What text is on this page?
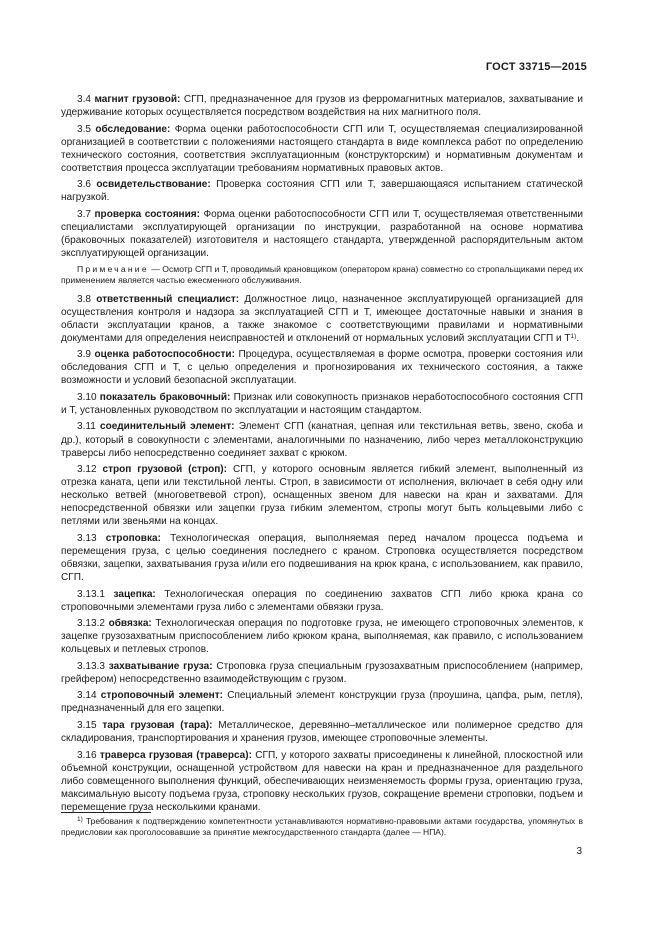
ГОСТ 33715—2015

3.4 магнит грузовой: СГП, предназначенное для грузов из ферромагнитных материалов, захватывание и удерживание которых осуществляется посредством воздействия на них магнитного поля.

3.5 обследование: Форма оценки работоспособности СГП или Т, осуществляемая специализированной организацией в соответствии с положениями настоящего стандарта в виде комплекса работ по определению технического состояния, соответствия эксплуатационным (конструкторским) и нормативным документам и соответствия процесса эксплуатации требованиям нормативных правовых актов.

3.6 освидетельствование: Проверка состояния СГП или Т, завершающаяся испытанием статической нагрузкой.

3.7 проверка состояния: Форма оценки работоспособности СГП или Т, осуществляемая ответственными специалистами эксплуатирующей организации по инструкции, разработанной на основе норматива (браковочных показателей) изготовителя и настоящего стандарта, утвержденной распорядительным актом эксплуатирующей организации.

Примечание — Осмотр СГП и Т, проводимый крановщиком (оператором крана) совместно со стропальщиками перед их применением является частью ежесменного обслуживания.

3.8 ответственный специалист: Должностное лицо, назначенное эксплуатирующей организацией для осуществления контроля и надзора за эксплуатацией СГП и Т, имеющее достаточные навыки и знания в области эксплуатации кранов, а также знакомое с соответствующими правилами и нормативными документами для определения неисправностей и отклонений от нормальных условий эксплуатации СГП и $Т^{1)}$.

3.9 оценка работоспособности: Процедура, осуществляемая в форме осмотра, проверки состояния или обследования СГП и Т, с целью определения и прогнозирования их технического состояния, а также возможности и условий безопасной эксплуатации.

3.10 показатель браковочный: Признак или совокупность признаков неработоспособного состояния СГП и Т, установленных руководством по эксплуатации и настоящим стандартом.

3.11 соединительный элемент: Элемент СГП (канатная, цепная или текстильная ветвь, звено, скоба и др.), который в совокупности с элементами, аналогичными по назначению, либо через металлоконструкцию траверсы либо непосредственно соединяет захват с крюком.

3.12 строп грузовой (строп): СГП, у которого основным является гибкий элемент, выполненный из отрезка каната, цепи или текстильной ленты. Строп, в зависимости от исполнения, включает в себя одну или несколько ветвей (многоветвевой строп), оснащенных звеном для навески на кран и захватами. Для непосредственной обвязки или зацепки груза гибким элементом, стропы могут быть кольцевыми либо с петлями или звеньями на концах.

3.13 строповка: Технологическая операция, выполняемая перед началом процесса подъема и перемещения груза, с целью соединения последнего с краном. Строповка осуществляется посредством обвязки, зацепки, захватывания груза и/или его подвешивания на крюк крана, с использованием, как правило, СГП.

3.13.1 зацепка: Технологическая операция по соединению захватов СГП либо крюка крана со строповочными элементами груза либо с элементами обвязки груза.

3.13.2 обвязка: Технологическая операция по подготовке груза, не имеющего строповочных элементов, к зацепке грузозахватным приспособлением либо крюком крана, выполняемая, как правило, с использованием кольцевых и петлевых стропов.

3.13.3 захватывание груза: Строповка груза специальным грузозахватным приспособлением (например, грейфером) непосредственно взаимодействующим с грузом.

3.14 строповочный элемент: Специальный элемент конструкции груза (проушина, цапфа, рым, петля), предназначенный для его зацепки.

3.15 тара грузовая (тара): Металлическое, деревянно–металлическое или полимерное средство для складирования, транспортирования и хранения грузов, имеющее строповочные элементы.

3.16 траверса грузовая (траверса): СГП, у которого захваты присоединены к линейной, плоскостной или объемной конструкции, оснащенной устройством для навески на кран и предназначенное для раздельного либо совмещенного выполнения функций, обеспечивающих неизменяемость формы груза, ориентацию груза, максимальную высоту подъема груза, строповку нескольких грузов, сокращение времени строповки, подъем и перемещение груза несколькими кранами.

$^{1)}$ Требования к подтверждению компетентности устанавливаются нормативно-правовыми актами государства, упомянутых в предисловии как проголосовавшие за принятие межгосударственного стандарта (далее — НПА).
3
